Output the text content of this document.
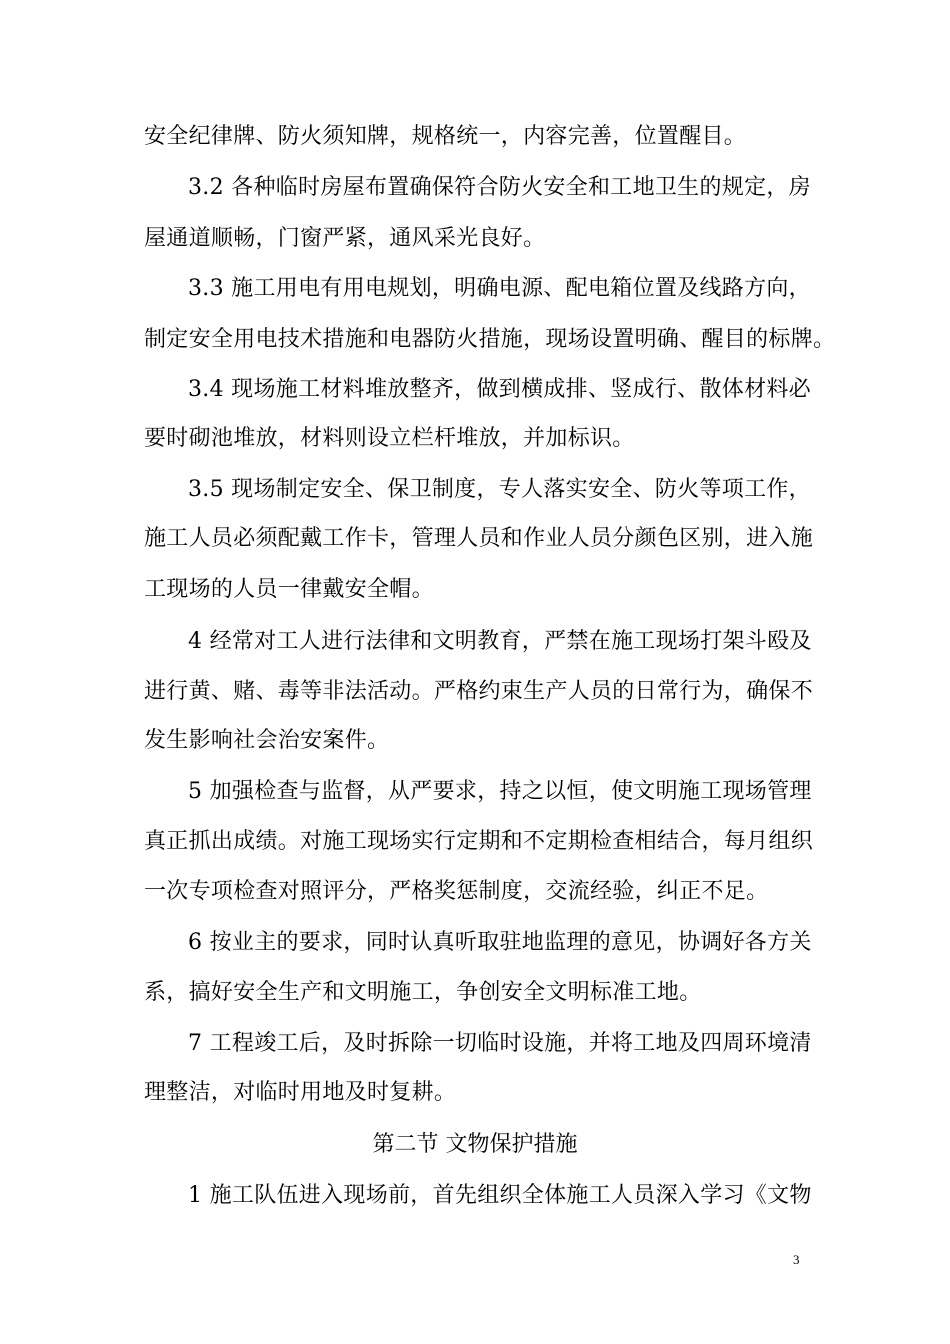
安全纪律牌、防火须知牌，规格统一，内容完善，位置醒目。
3.2 各种临时房屋布置确保符合防火安全和工地卫生的规定，房
屋通道顺畅，门窗严紧，通风采光良好。
3.3 施工用电有用电规划，明确电源、配电箱位置及线路方向，
制定安全用电技术措施和电器防火措施，现场设置明确、醒目的标牌。
3.4 现场施工材料堆放整齐，做到横成排、竖成行、散体材料必
要时砌池堆放，材料则设立栏杆堆放，并加标识。
3.5 现场制定安全、保卫制度，专人落实安全、防火等项工作，
施工人员必须配戴工作卡，管理人员和作业人员分颜色区别，进入施
工现场的人员一律戴安全帽。
4 经常对工人进行法律和文明教育，严禁在施工现场打架斗殴及
进行黄、赌、毒等非法活动。严格约束生产人员的日常行为，确保不
发生影响社会治安案件。
5 加强检查与监督，从严要求，持之以恒，使文明施工现场管理
真正抓出成绩。对施工现场实行定期和不定期检查相结合，每月组织
一次专项检查对照评分，严格奖惩制度，交流经验，纠正不足。
6 按业主的要求，同时认真听取驻地监理的意见，协调好各方关
系，搞好安全生产和文明施工，争创安全文明标准工地。
7 工程竣工后，及时拆除一切临时设施，并将工地及四周环境清
理整洁，对临时用地及时复耕。
第二节 文物保护措施
1 施工队伍进入现场前，首先组织全体施工人员深入学习《文物
3
